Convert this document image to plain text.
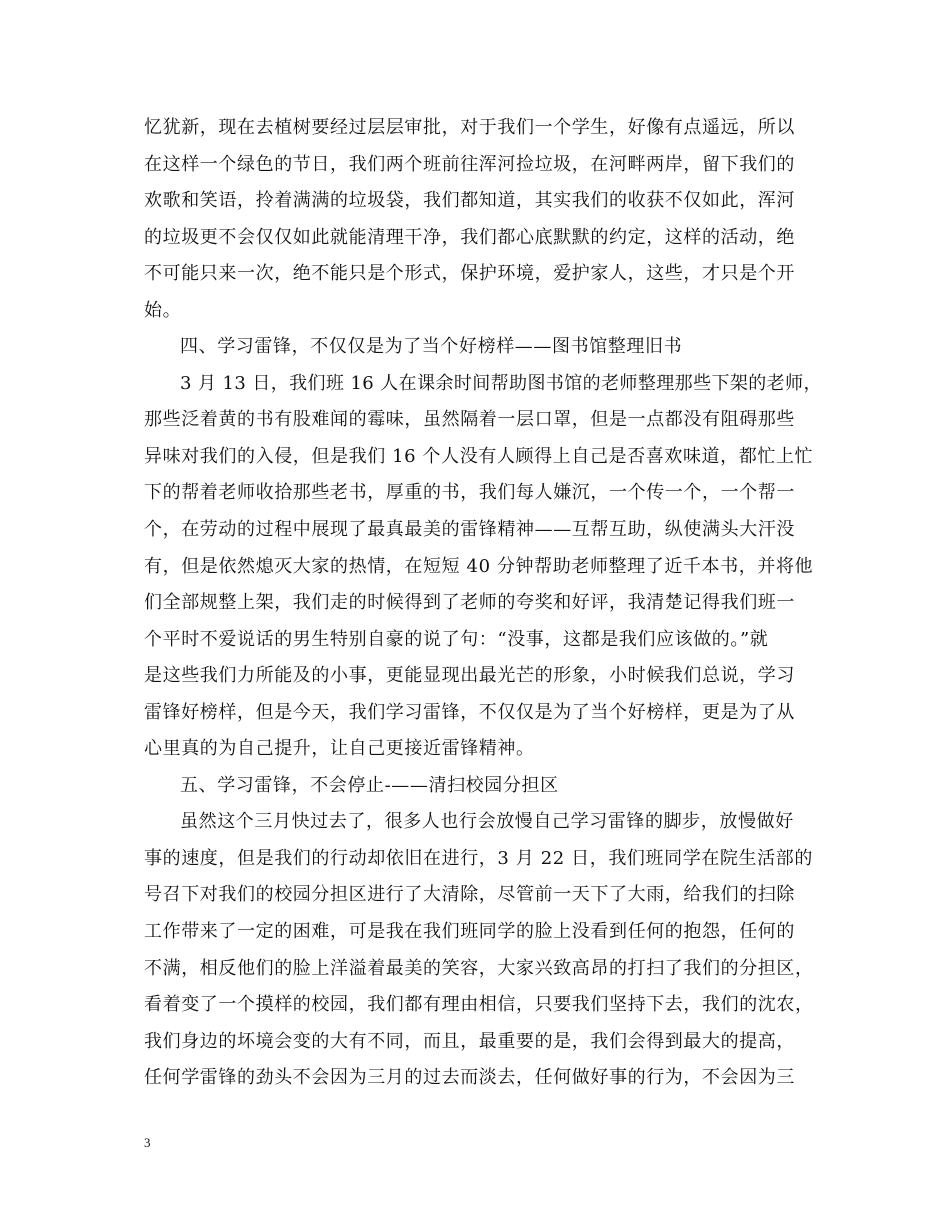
忆犹新，现在去植树要经过层层审批，对于我们一个学生，好像有点遥远，所以
在这样一个绿色的节日，我们两个班前往浑河捡垃圾，在河畔两岸，留下我们的
欢歌和笑语，拎着满满的垃圾袋，我们都知道，其实我们的收获不仅如此，浑河
的垃圾更不会仅仅如此就能清理干净，我们都心底默默的约定，这样的活动，绝
不可能只来一次，绝不能只是个形式，保护环境，爱护家人，这些，才只是个开
始。
四、学习雷锋，不仅仅是为了当个好榜样——图书馆整理旧书
3 月 13 日，我们班 16 人在课余时间帮助图书馆的老师整理那些下架的老师，
那些泛着黄的书有股难闻的霉味，虽然隔着一层口罩，但是一点都没有阻碍那些
异味对我们的入侵，但是我们 16 个人没有人顾得上自己是否喜欢味道，都忙上忙
下的帮着老师收拾那些老书，厚重的书，我们每人嫌沉，一个传一个，一个帮一
个，在劳动的过程中展现了最真最美的雷锋精神——互帮互助，纵使满头大汗没
有，但是依然熄灭大家的热情，在短短 40 分钟帮助老师整理了近千本书，并将他
们全部规整上架，我们走的时候得到了老师的夸奖和好评，我清楚记得我们班一
个平时不爱说话的男生特别自豪的说了句：“没事，这都是我们应该做的。”就
是这些我们力所能及的小事，更能显现出最光芒的形象，小时候我们总说，学习
雷锋好榜样，但是今天，我们学习雷锋，不仅仅是为了当个好榜样，更是为了从
心里真的为自己提升，让自己更接近雷锋精神。
五、学习雷锋，不会停止-——清扫校园分担区
虽然这个三月快过去了，很多人也行会放慢自己学习雷锋的脚步，放慢做好
事的速度，但是我们的行动却依旧在进行，3 月 22 日，我们班同学在院生活部的
号召下对我们的校园分担区进行了大清除，尽管前一天下了大雨，给我们的扫除
工作带来了一定的困难，可是我在我们班同学的脸上没看到任何的抱怨，任何的
不满，相反他们的脸上洋溢着最美的笑容，大家兴致高昂的打扫了我们的分担区，
看着变了一个摸样的校园，我们都有理由相信，只要我们坚持下去，我们的沈农，
我们身边的坏境会变的大有不同，而且，最重要的是，我们会得到最大的提高，
任何学雷锋的劲头不会因为三月的过去而淡去，任何做好事的行为，不会因为三
3
